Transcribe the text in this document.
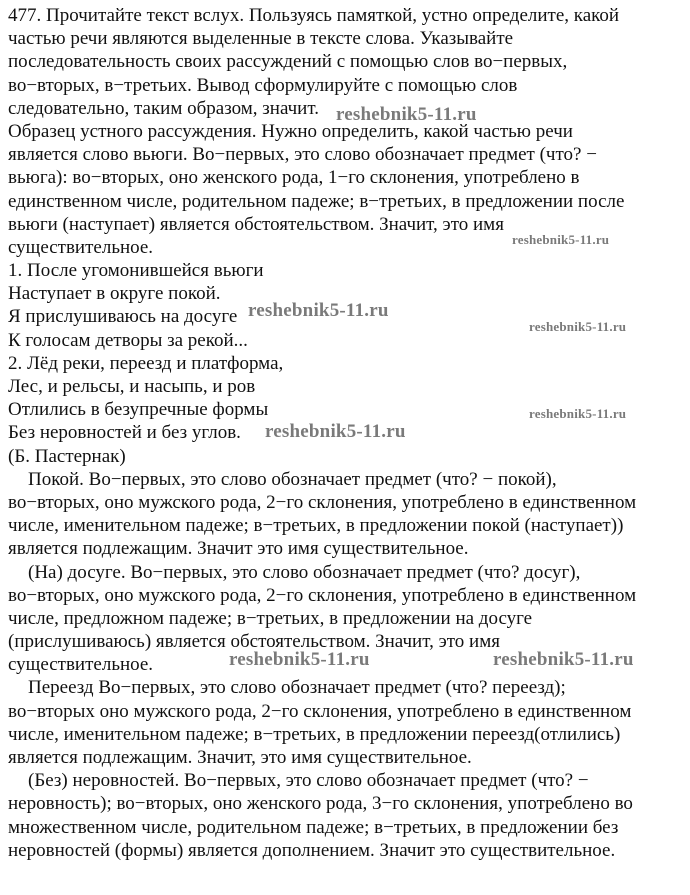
477. Прочитайте текст вслух. Пользуясь памяткой, устно определите, какой
частью речи являются выделенные в тексте слова. Указывайте
последовательность своих рассуждений с помощью слов во−первых,
во−вторых, в−третьих. Вывод сформулируйте с помощью слов
следовательно, таким образом, значит.
Образец устного рассуждения. Нужно определить, какой частью речи
является слово вьюги. Во−первых, это слово обозначает предмет (что? −
вьюга): во−вторых, оно женского рода, 1−го склонения, употреблено в
единственном числе, родительном падеже; в−третьих, в предложении после
вьюги (наступает) является обстоятельством. Значит, это имя
существительное.
1. После угомонившейся вьюги
Наступает в округе покой.
Я прислушиваюсь на досуге
К голосам детворы за рекой...
2. Лёд реки, переезд и платформа,
Лес, и рельсы, и насыпь, и ров
Отлились в безупречные формы
Без неровностей и без углов.
(Б. Пастернак)
Покой. Во−первых, это слово обозначает предмет (что? − покой),
во−вторых, оно мужского рода, 2−го склонения, употреблено в единственном
числе, именительном падеже; в−третьих, в предложении покой (наступает))
является подлежащим. Значит это имя существительное.
(На) досуге. Во−первых, это слово обозначает предмет (что? досуг),
во−вторых, оно мужского рода, 2−го склонения, употреблено в единственном
числе, предложном падеже; в−третьих, в предложении на досуге
(прислушиваюсь) является обстоятельством. Значит, это имя
существительное.
Переезд Во−первых, это слово обозначает предмет (что? переезд);
во−вторых оно мужского рода, 2−го склонения, употреблено в единственном
числе, именительном падеже; в−третьих, в предложении переезд(отлились)
является подлежащим. Значит, это имя существительное.
(Без) неровностей. Во−первых, это слово обозначает предмет (что? −
неровность); во−вторых, оно женского рода, 3−го склонения, употреблено во
множественном числе, родительном падеже; в−третьих, в предложении без
неровностей (формы) является дополнением. Значит это существительное.
reshebnik5-11.ru
reshebnik5-11.ru
reshebnik5-11.ru
reshebnik5-11.ru
reshebnik5-11.ru
reshebnik5-11.ru
reshebnik5-11.ru	reshebnik5-11.ru
